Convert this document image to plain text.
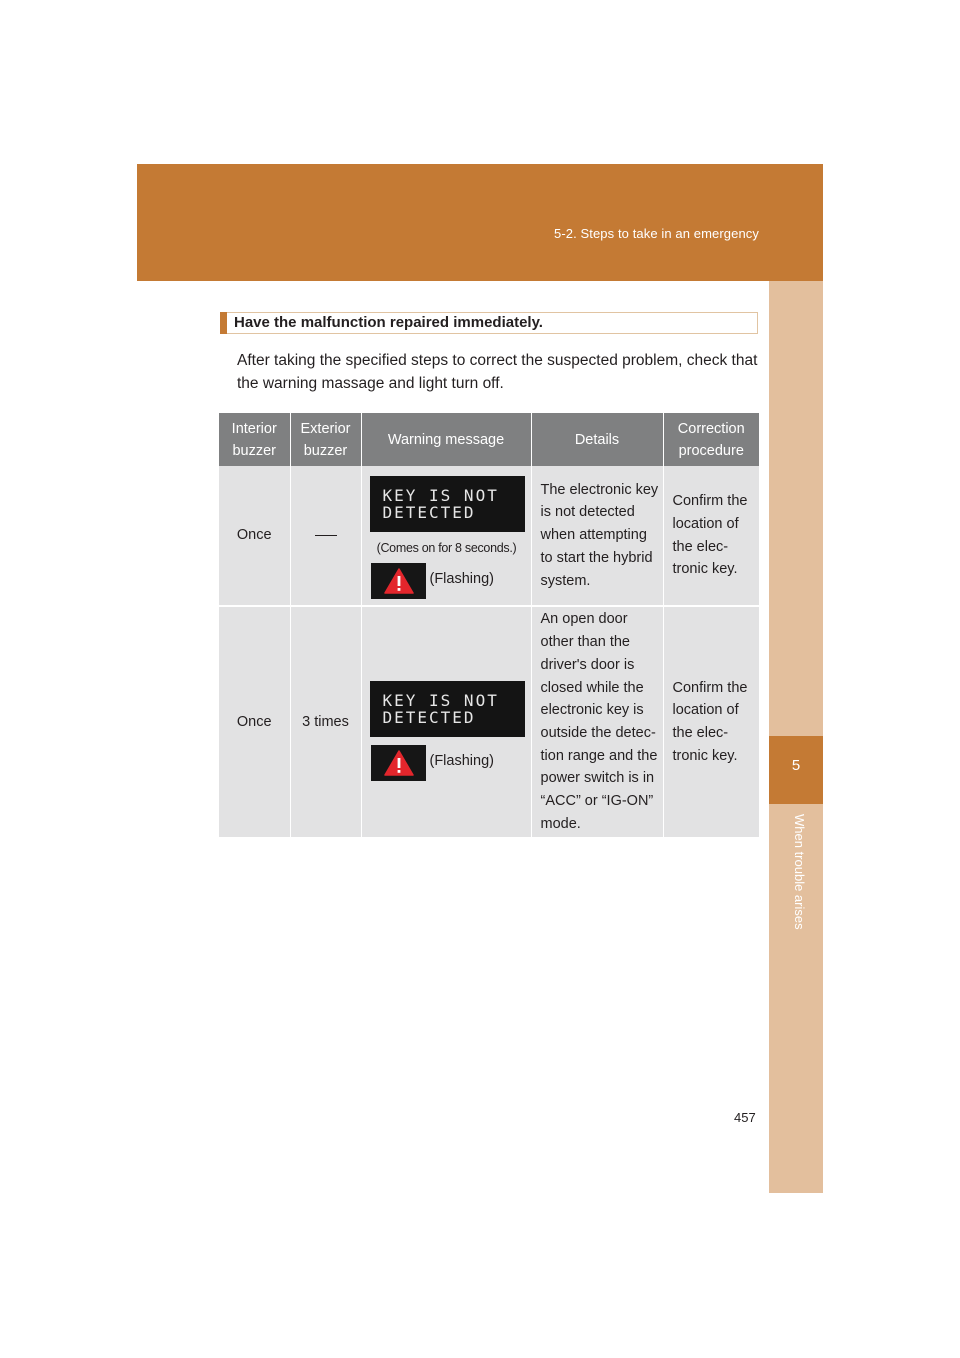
5-2. Steps to take in an emergency
5
When trouble arises
Have the malfunction repaired immediately.
After taking the specified steps to correct the suspected problem, check that the warning massage and light turn off.
Interior buzzer	Exterior buzzer	Warning message	Details	Correction procedure
Once		KEY IS NOT
DETECTED
(Comes on for 8 seconds.)
(Flashing)	The electronic key is not detected when attempting to start the hybrid system.	Confirm the location of the elec-tronic key.
Once	3 times	KEY IS NOT
DETECTED
(Flashing)	An open door other than the driver's door is closed while the electronic key is outside the detec-tion range and the power switch is in “ACC” or “IG-ON” mode.	Confirm the location of the elec-tronic key.
457
